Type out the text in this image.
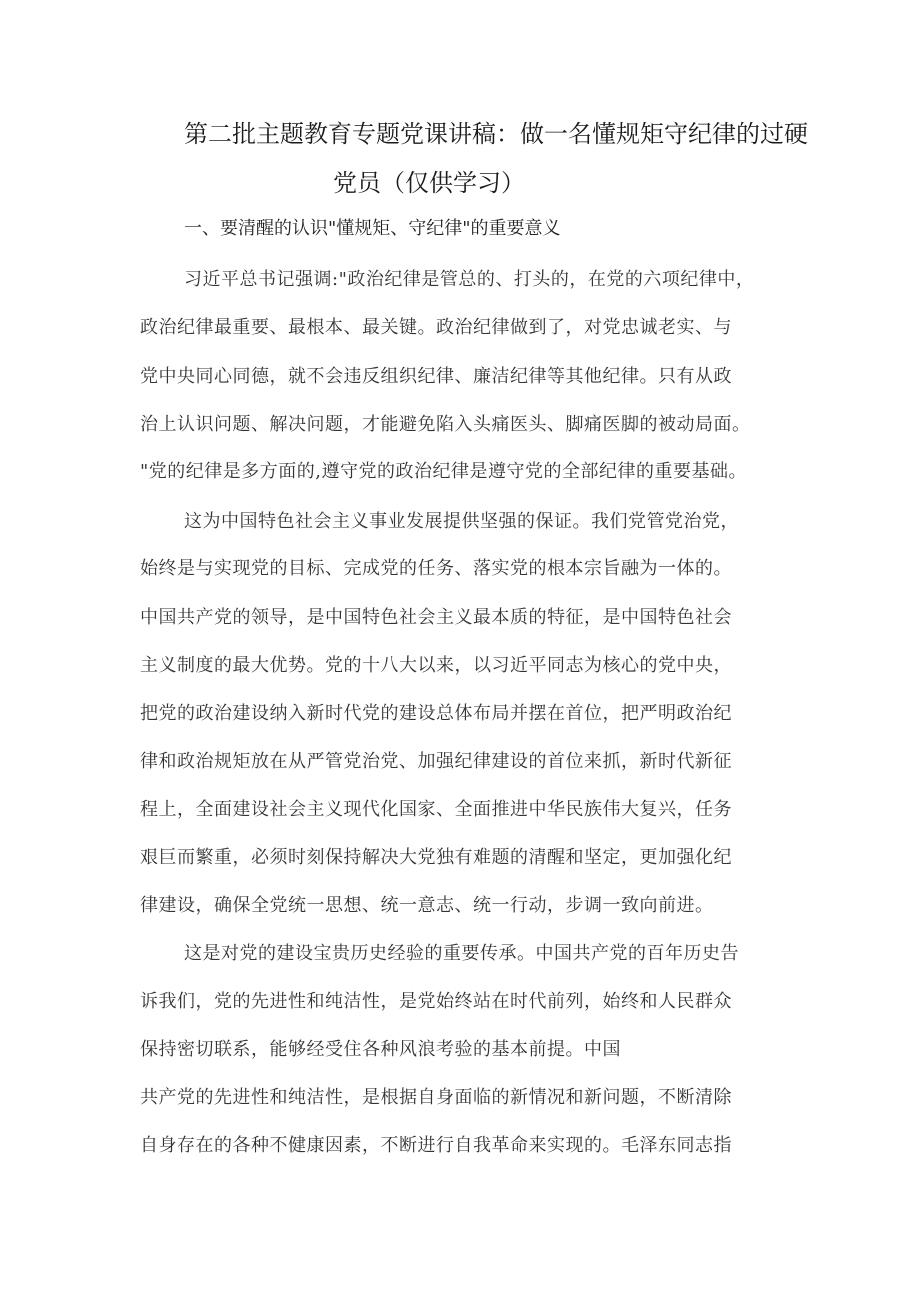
第二批主题教育专题党课讲稿：做一名懂规矩守纪律的过硬
党员（仅供学习）
一、要清醒的认识"懂规矩、守纪律"的重要意义
习近平总书记强调:"政治纪律是管总的、打头的，在党的六项纪律中，
政治纪律最重要、最根本、最关键。政治纪律做到了，对党忠诚老实、与
党中央同心同德，就不会违反组织纪律、廉洁纪律等其他纪律。只有从政
治上认识问题、解决问题，才能避免陷入头痛医头、脚痛医脚的被动局面。
"党的纪律是多方面的,遵守党的政治纪律是遵守党的全部纪律的重要基础。
这为中国特色社会主义事业发展提供坚强的保证。我们党管党治党，
始终是与实现党的目标、完成党的任务、落实党的根本宗旨融为一体的。
中国共产党的领导，是中国特色社会主义最本质的特征，是中国特色社会
主义制度的最大优势。党的十八大以来，以习近平同志为核心的党中央，
把党的政治建设纳入新时代党的建设总体布局并摆在首位，把严明政治纪
律和政治规矩放在从严管党治党、加强纪律建设的首位来抓，新时代新征
程上，全面建设社会主义现代化国家、全面推进中华民族伟大复兴，任务
艰巨而繁重，必须时刻保持解决大党独有难题的清醒和坚定，更加强化纪
律建设，确保全党统一思想、统一意志、统一行动，步调一致向前进。
这是对党的建设宝贵历史经验的重要传承。中国共产党的百年历史告
诉我们，党的先进性和纯洁性，是党始终站在时代前列，始终和人民群众
保持密切联系，能够经受住各种风浪考验的基本前提。中国
共产党的先进性和纯洁性，是根据自身面临的新情况和新问题，不断清除
自身存在的各种不健康因素，不断进行自我革命来实现的。毛泽东同志指
